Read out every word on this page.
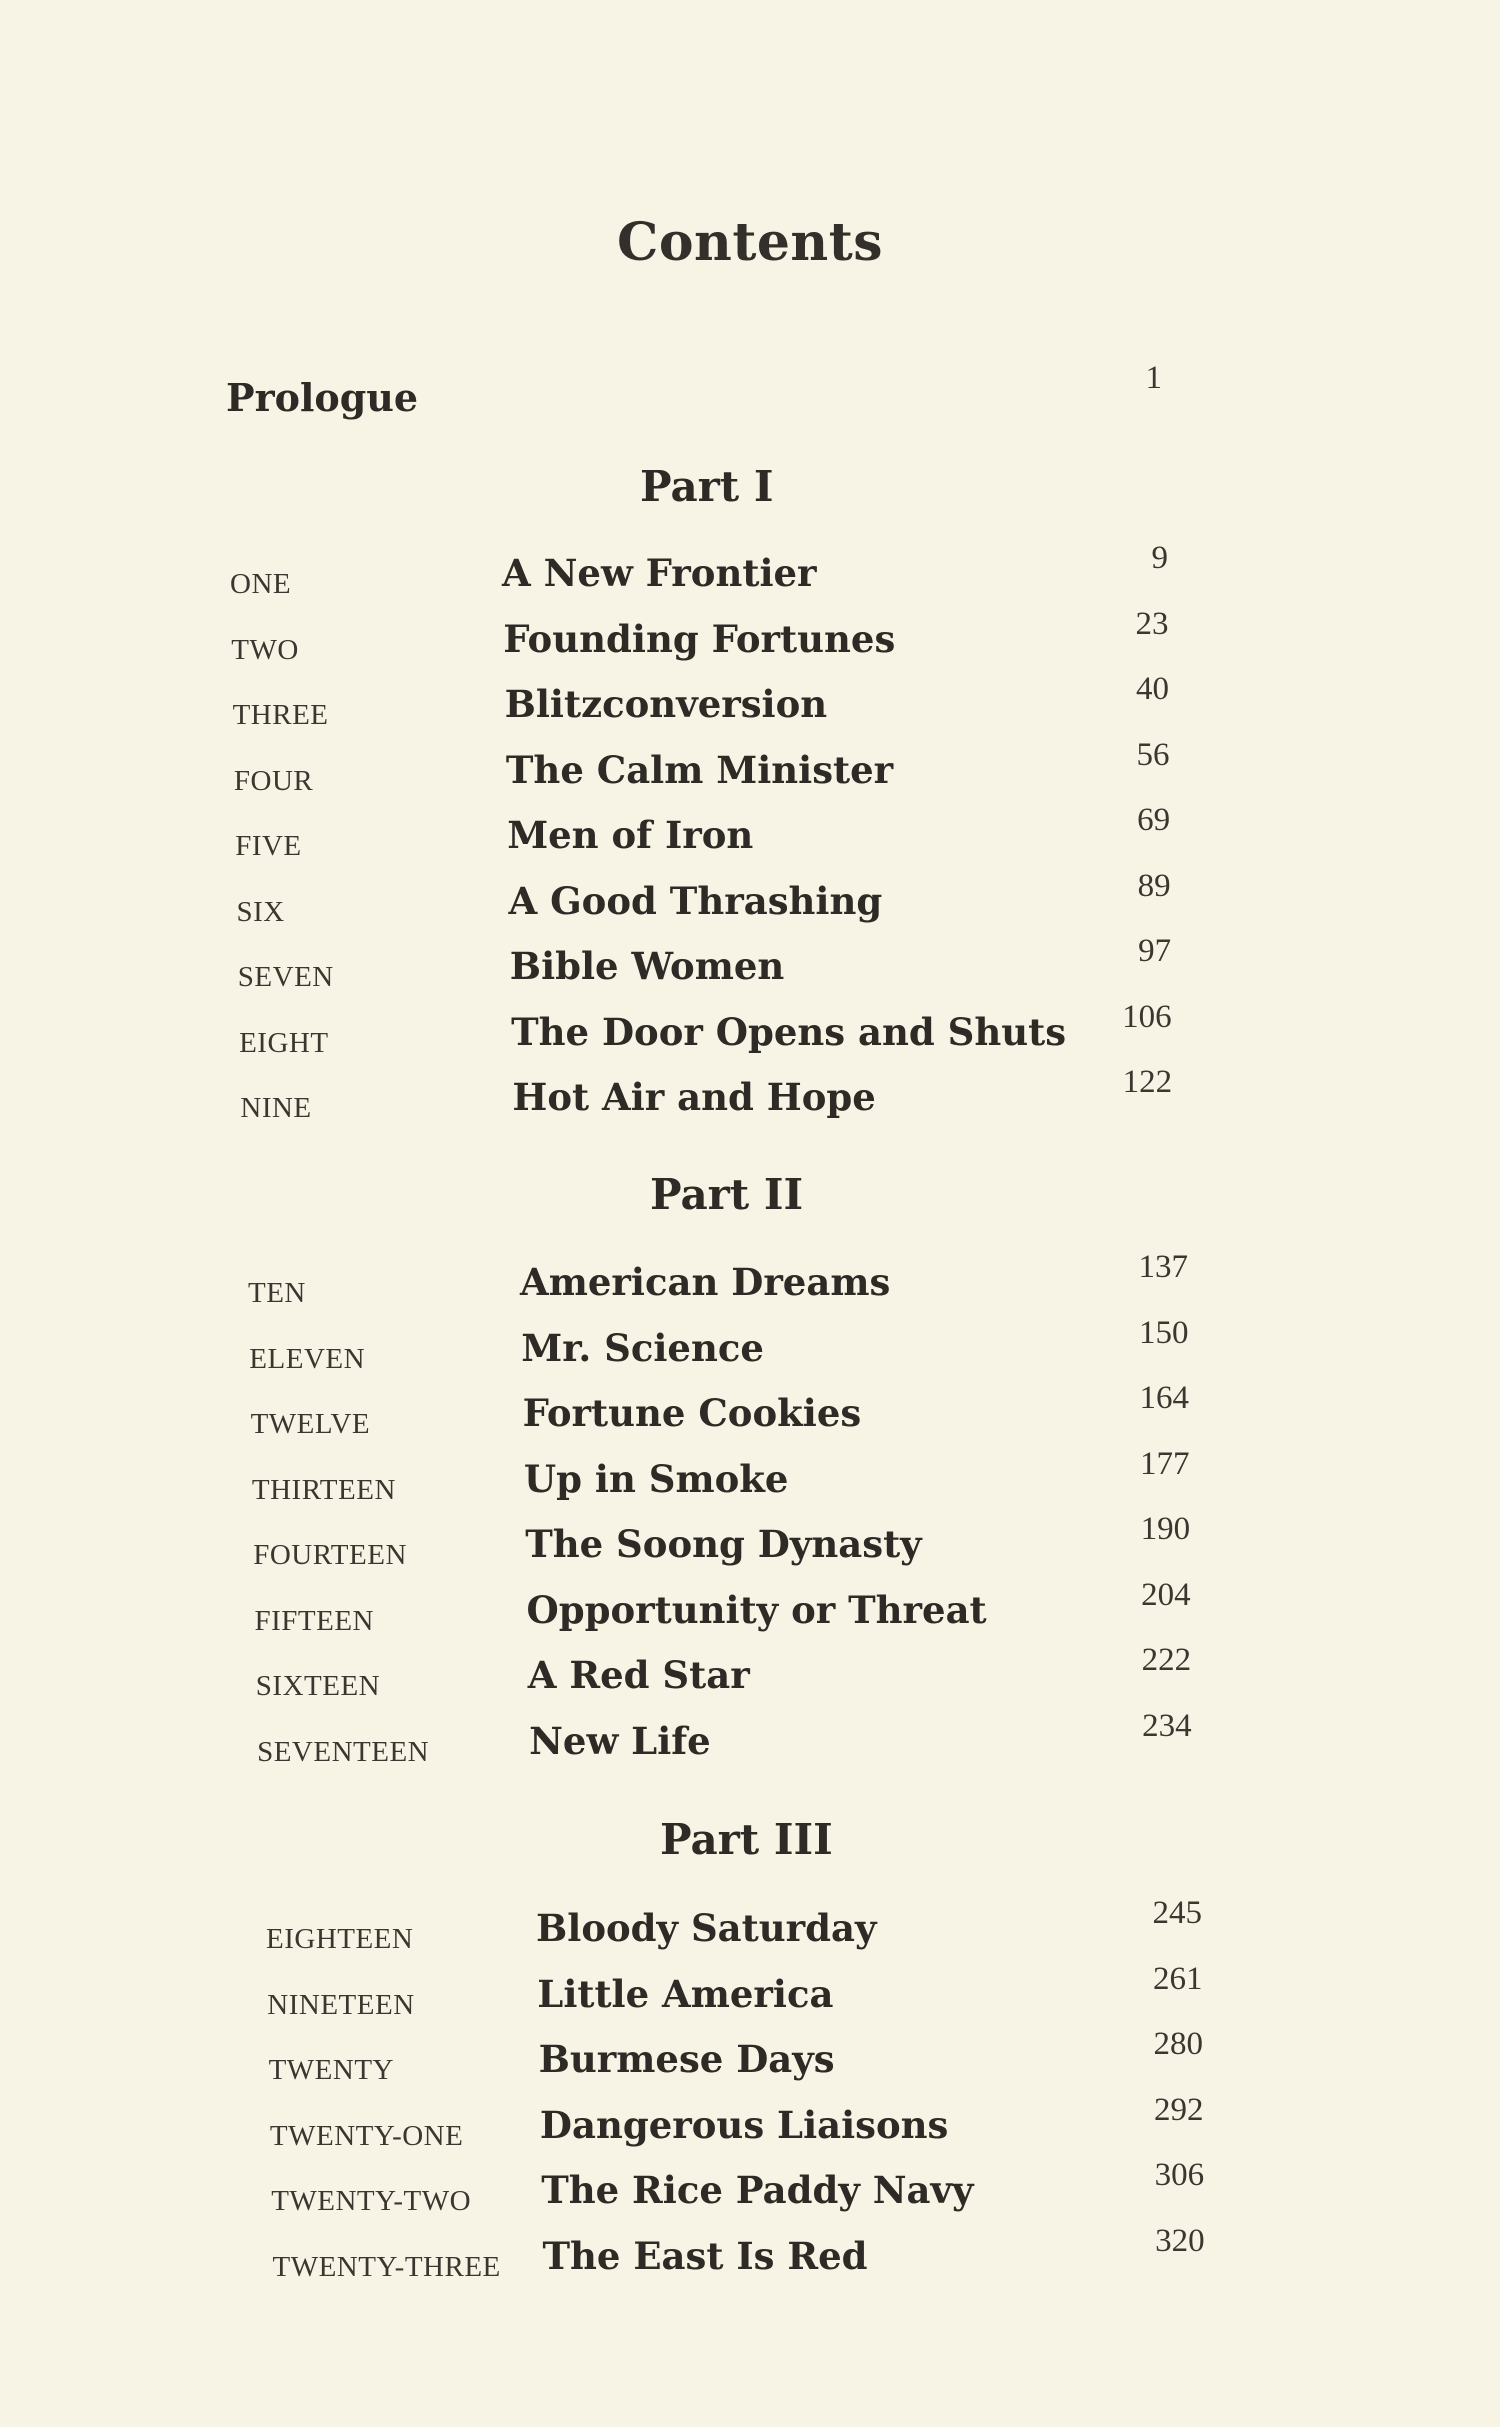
Contents
Prologue	1
Part I
ONE	A New Frontier	9
TWO	Founding Fortunes	23
THREE	Blitzconversion	40
FOUR	The Calm Minister	56
FIVE	Men of Iron	69
SIX	A Good Thrashing	89
SEVEN	Bible Women	97
EIGHT	The Door Opens and Shuts	106
NINE	Hot Air and Hope	122
Part II
TEN	American Dreams	137
ELEVEN	Mr. Science	150
TWELVE	Fortune Cookies	164
THIRTEEN	Up in Smoke	177
FOURTEEN	The Soong Dynasty	190
FIFTEEN	Opportunity or Threat	204
SIXTEEN	A Red Star	222
SEVENTEEN	New Life	234
Part III
EIGHTEEN	Bloody Saturday	245
NINETEEN	Little America	261
TWENTY	Burmese Days	280
TWENTY-ONE Dangerous Liaisons	292
TWENTY-TWO The Rice Paddy Navy	306
TWENTY-THREE The East Is Red	320
